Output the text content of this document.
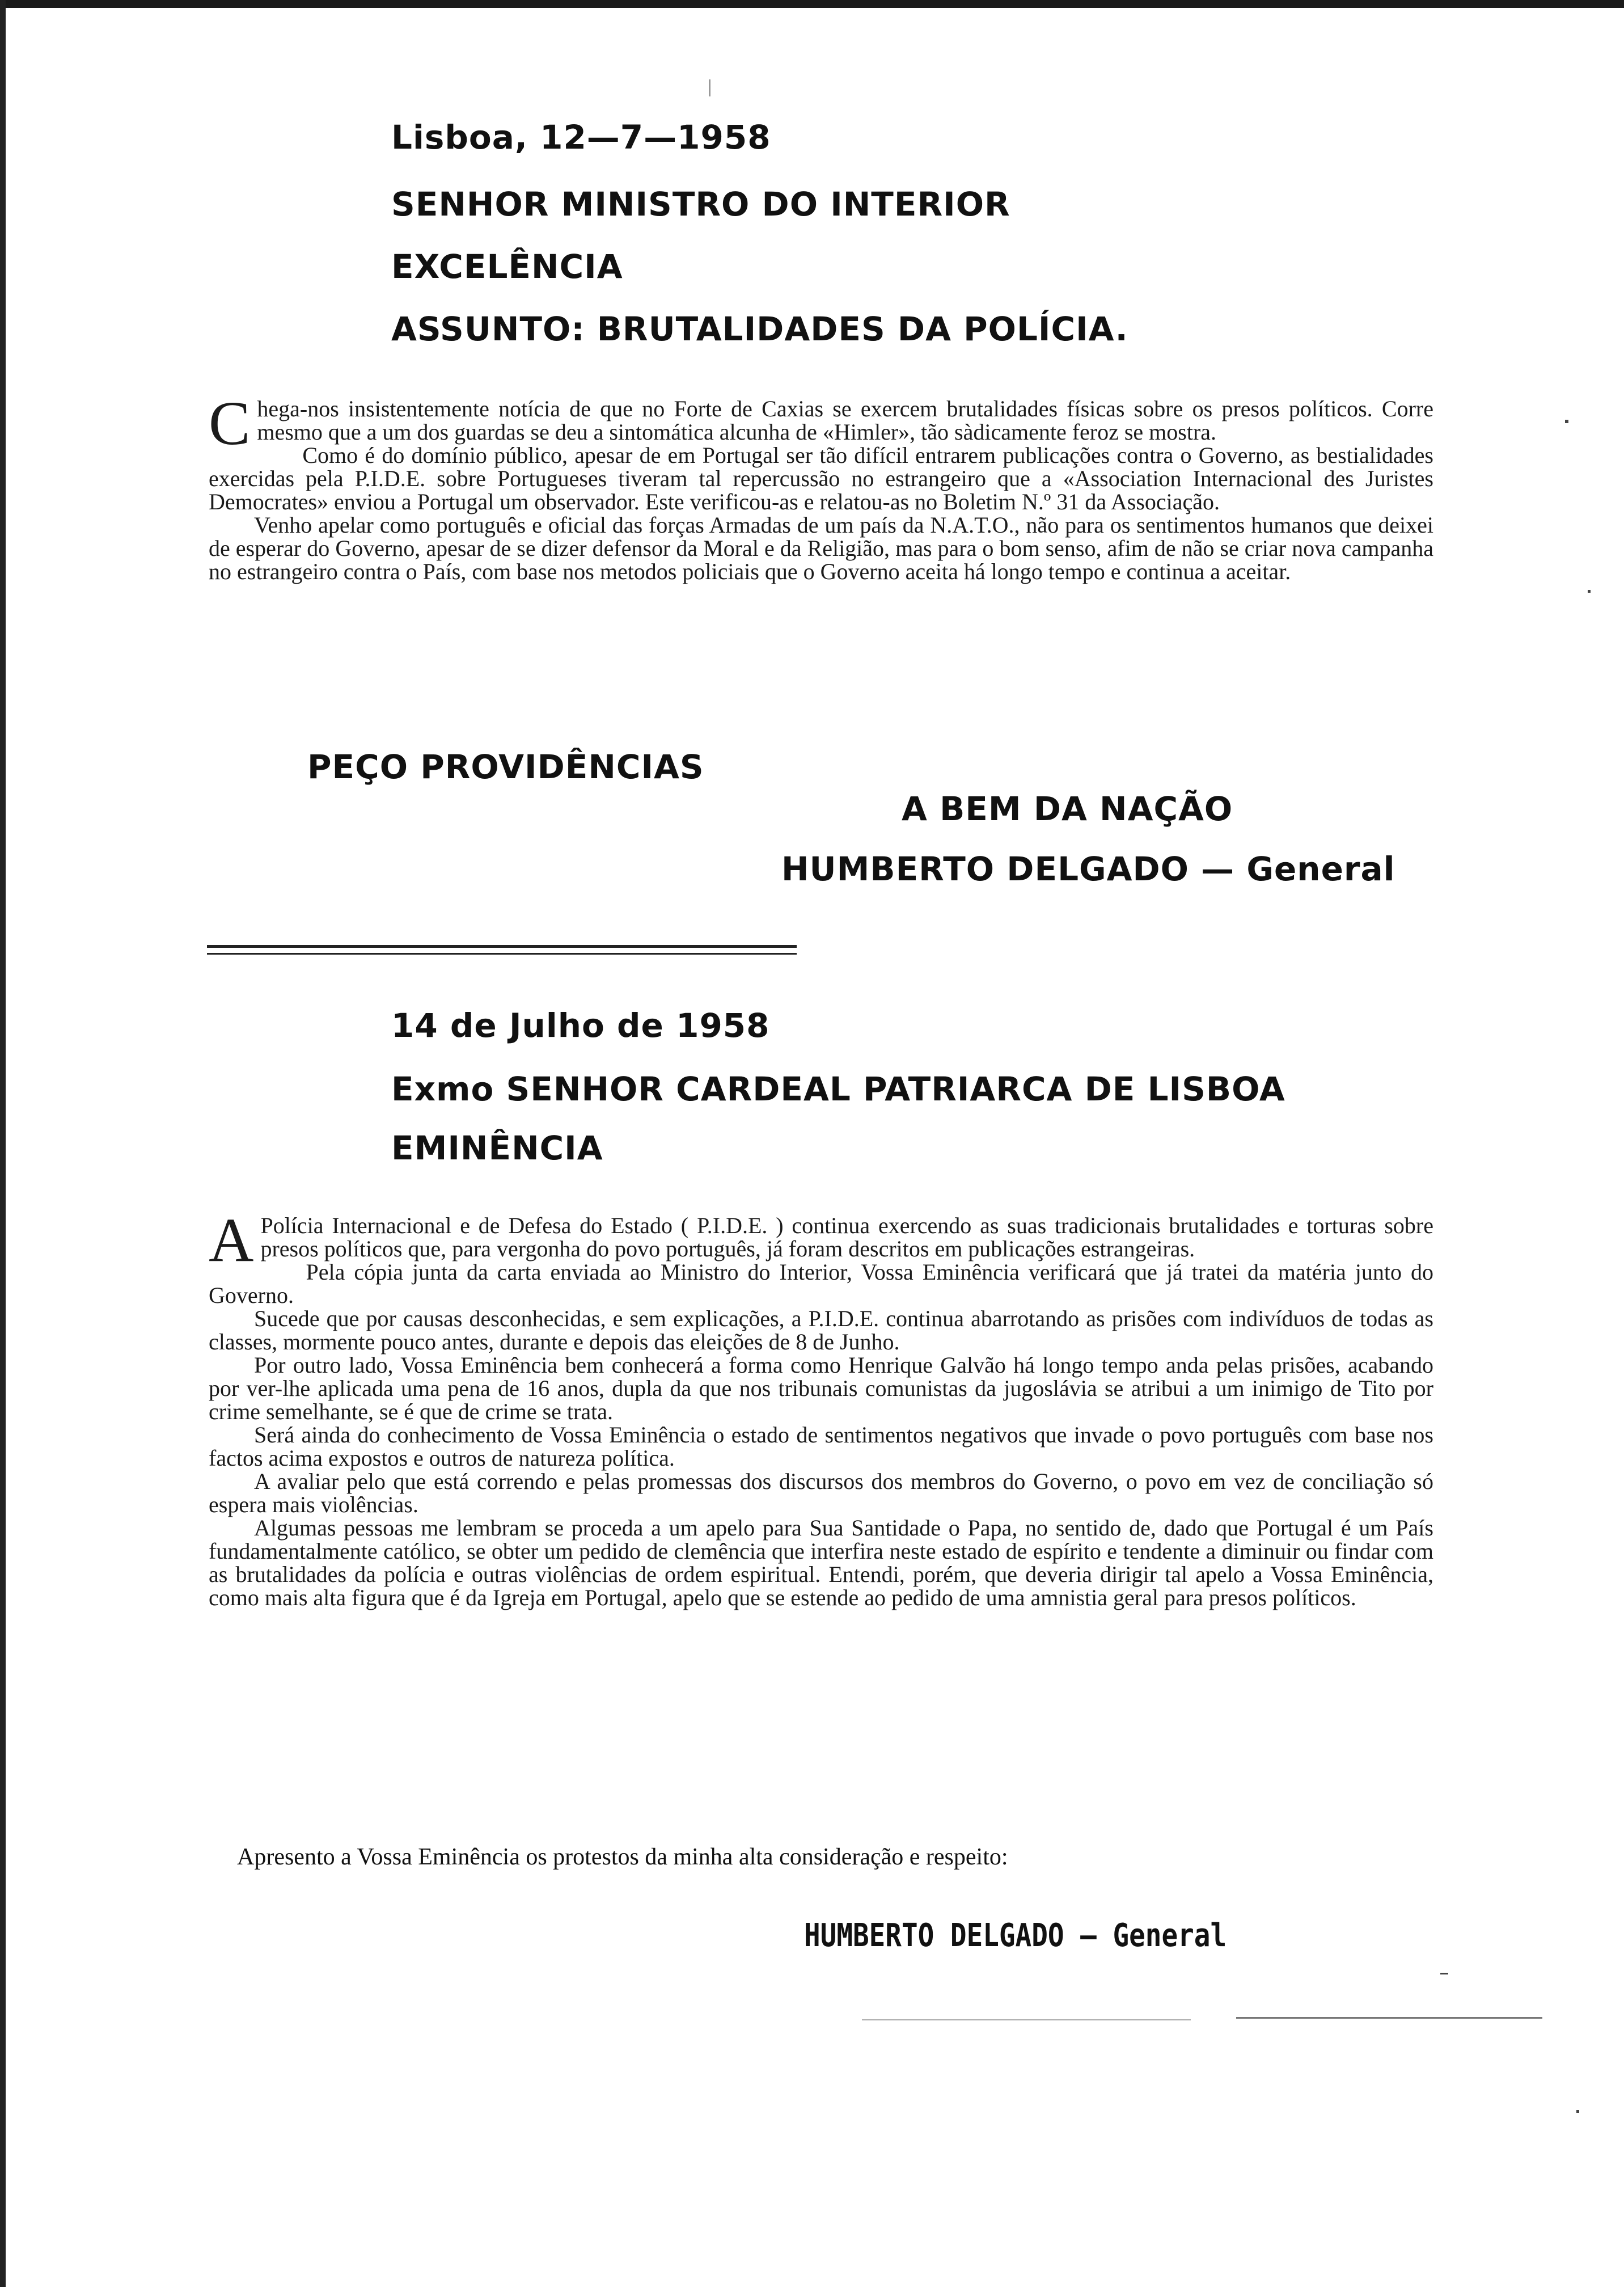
Lisboa, 12—7—1958
SENHOR MINISTRO DO INTERIOR
EXCELÊNCIA
ASSUNTO: BRUTALIDADES DA POLÍCIA.

Chega-nos insistentemente notícia de que no Forte de Caxias se exercem brutalidades físicas sobre os presos políticos. Corre mesmo que a um dos guardas se deu a sintomática alcunha de «Himler», tão sàdicamente feroz se mostra.

Como é do domínio público, apesar de em Portugal ser tão difícil entrarem publicações contra o Governo, as bestialidades exercidas pela P.I.D.E. sobre Portugueses tiveram tal repercussão no estrangeiro que a «Association Internacional des Juristes Democrates» enviou a Portugal um observador. Este verificou-as e relatou-as no Boletim N.º 31 da Associação.

Venho apelar como português e oficial das forças Armadas de um país da N.A.T.O., não para os sentimentos humanos que deixei de esperar do Governo, apesar de se dizer defensor da Moral e da Religião, mas para o bom senso, afim de não se criar nova campanha no estrangeiro contra o País, com base nos metodos policiais que o Governo aceita há longo tempo e continua a aceitar.

PEÇO PROVIDÊNCIAS
A BEM DA NAÇÃO
HUMBERTO DELGADO — General
14 de Julho de 1958
Exmo SENHOR CARDEAL PATRIARCA DE LISBOA
EMINÊNCIA

A Polícia Internacional e de Defesa do Estado ( P.I.D.E. ) continua exercendo as suas tradicionais brutalidades e torturas sobre presos políticos que, para vergonha do povo português, já foram descritos em publicações estrangeiras.

Pela cópia junta da carta enviada ao Ministro do Interior, Vossa Eminência verificará que já tratei da matéria junto do Governo.

Sucede que por causas desconhecidas, e sem explicações, a P.I.D.E. continua abarrotando as prisões com indivíduos de todas as classes, mormente pouco antes, durante e depois das eleições de 8 de Junho.

Por outro lado, Vossa Eminência bem conhecerá a forma como Henrique Galvão há longo tempo anda pelas prisões, acabando por ver-lhe aplicada uma pena de 16 anos, dupla da que nos tribunais comunistas da jugoslávia se atribui a um inimigo de Tito por crime semelhante, se é que de crime se trata.

Será ainda do conhecimento de Vossa Eminência o estado de sentimentos negativos que invade o povo português com base nos factos acima expostos e outros de natureza política.

A avaliar pelo que está correndo e pelas promessas dos discursos dos membros do Governo, o povo em vez de conciliação só espera mais violências.

Algumas pessoas me lembram se proceda a um apelo para Sua Santidade o Papa, no sentido de, dado que Portugal é um País fundamentalmente católico, se obter um pedido de clemência que interfira neste estado de espírito e tendente a diminuir ou findar com as brutalidades da polícia e outras violências de ordem espiritual. Entendi, porém, que deveria dirigir tal apelo a Vossa Eminência, como mais alta figura que é da Igreja em Portugal, apelo que se estende ao pedido de uma amnistia geral para presos políticos.

Apresento a Vossa Eminência os protestos da minha alta consideração e respeito:
HUMBERTO DELGADO — General
